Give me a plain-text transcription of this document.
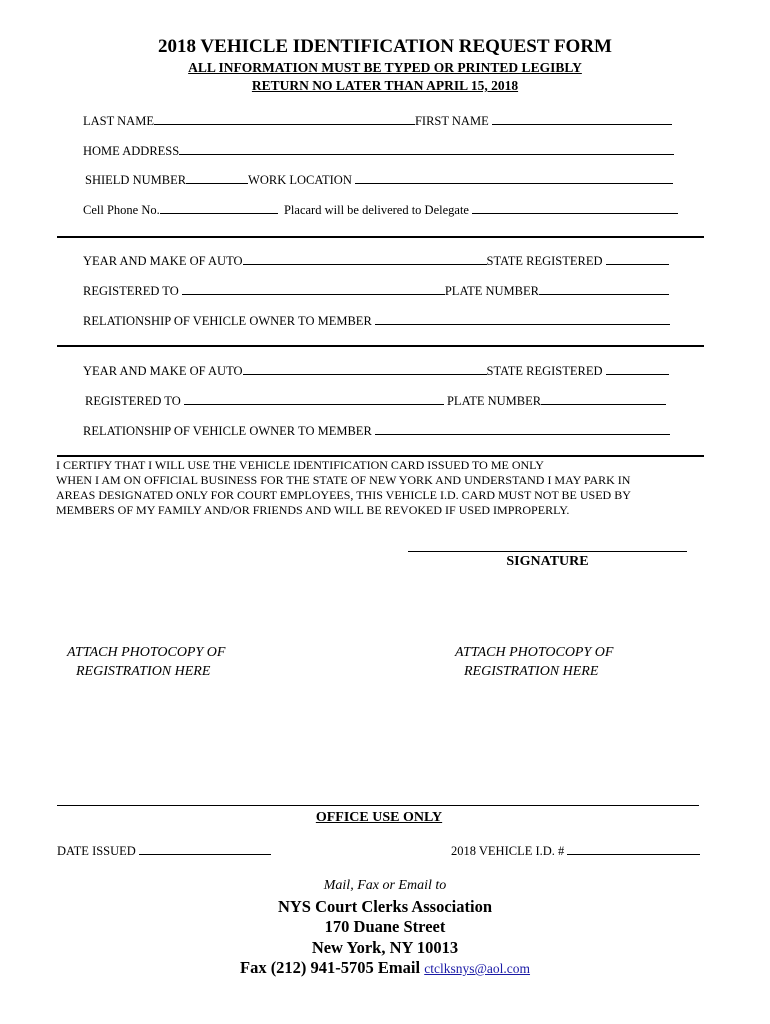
2018 VEHICLE IDENTIFICATION REQUEST FORM
ALL INFORMATION MUST BE TYPED OR PRINTED LEGIBLY
RETURN NO LATER THAN APRIL 15, 2018
LAST NAME	FIRST NAME
HOME ADDRESS
SHIELD NUMBER	WORK LOCATION
Cell Phone No.	Placard will be delivered to Delegate
YEAR AND MAKE OF AUTO	STATE REGISTERED
REGISTERED TO	PLATE NUMBER
RELATIONSHIP OF VEHICLE OWNER TO MEMBER
YEAR AND MAKE OF AUTO	STATE REGISTERED
REGISTERED TO	PLATE NUMBER
RELATIONSHIP OF VEHICLE OWNER TO MEMBER
I CERTIFY THAT I WILL USE THE VEHICLE IDENTIFICATION CARD ISSUED TO ME ONLY
WHEN I AM ON OFFICIAL BUSINESS FOR THE STATE OF NEW YORK AND UNDERSTAND I MAY PARK IN
AREAS DESIGNATED ONLY FOR COURT EMPLOYEES, THIS VEHICLE I.D. CARD MUST NOT BE USED BY
MEMBERS OF MY FAMILY AND/OR FRIENDS AND WILL BE REVOKED IF USED IMPROPERLY.
SIGNATURE
ATTACH PHOTOCOPY OF
REGISTRATION HERE
ATTACH PHOTOCOPY OF
REGISTRATION HERE
OFFICE USE ONLY
DATE ISSUED	2018 VEHICLE I.D. #
Mail, Fax or Email to
NYS Court Clerks Association
170 Duane Street
New York, NY 10013
Fax (212) 941-5705 Email ctclksnys@aol.com
